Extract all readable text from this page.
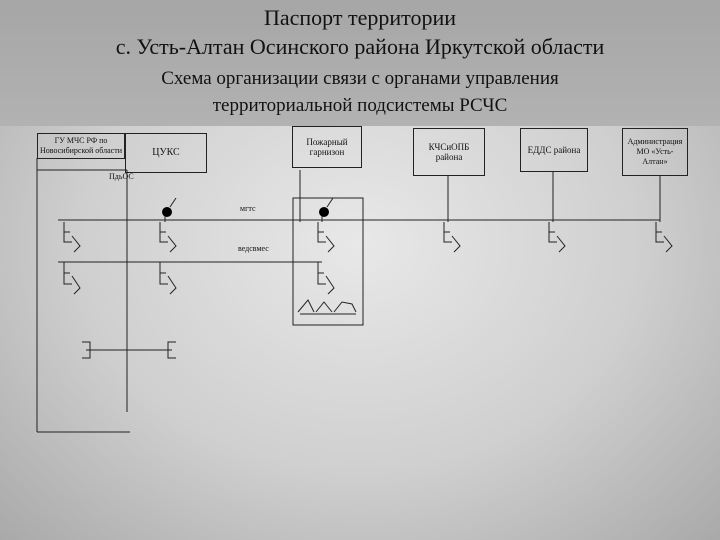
Паспорт территории
с. Усть-Алтан Осинского района Иркутской области
Схема организации связи с органами управления
территориальной подсистемы РСЧС
ГУ МЧС РФ по Новосибирской области	ЦУКС
Пожарный гарнизон	КЧСиОПБ района
ЕДДС района
Администрация МО «Усть-Алтан»
ПдьОС
мгтс
ведсвмес
